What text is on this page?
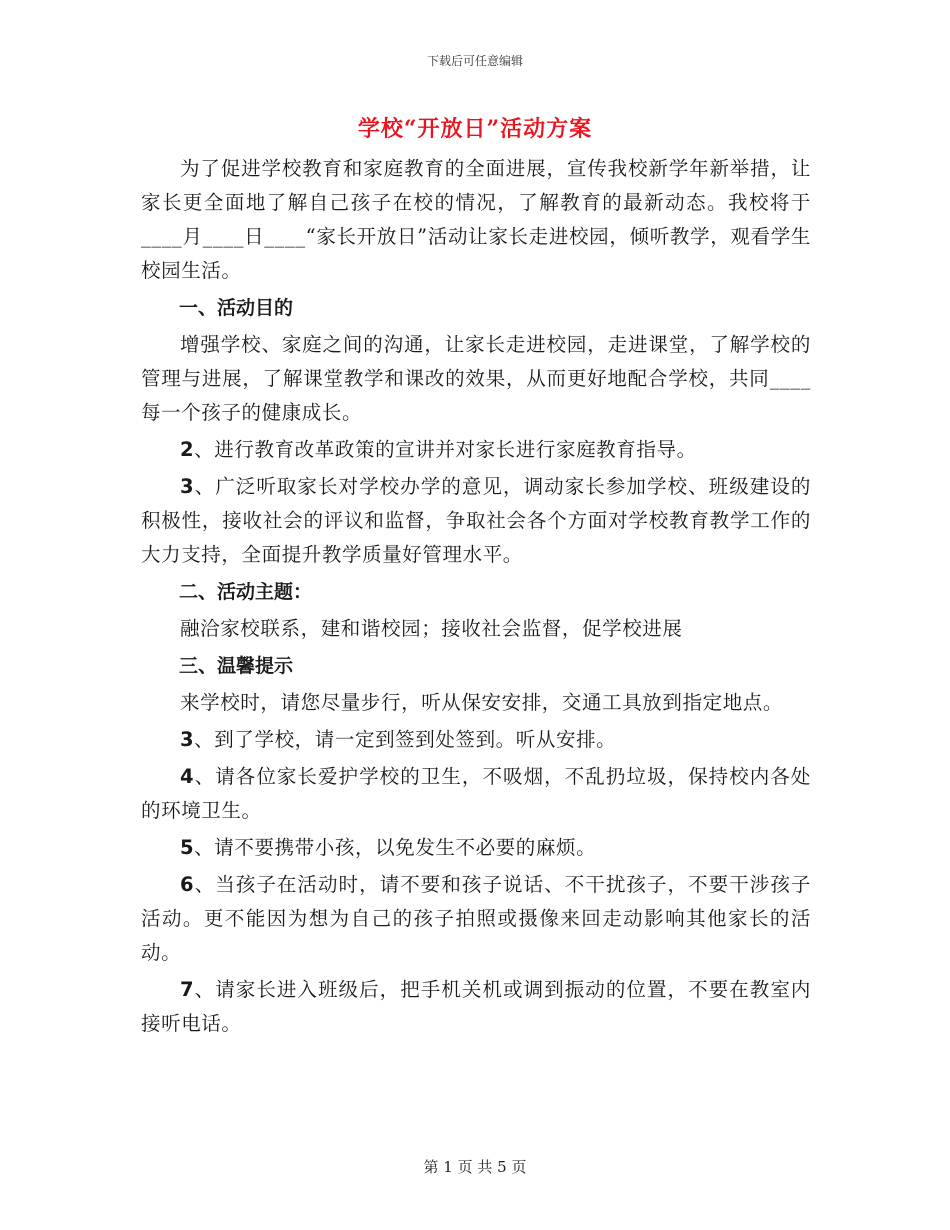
下载后可任意编辑
学校“开放日”活动方案

为了促进学校教育和家庭教育的全面进展，宣传我校新学年新举措，让家长更全面地了解自己孩子在校的情况，了解教育的最新动态。我校将于____月____日____“家长开放日”活动让家长走进校园，倾听教学，观看学生校园生活。

一、活动目的

增强学校、家庭之间的沟通，让家长走进校园，走进课堂，了解学校的管理与进展，了解课堂教学和课改的效果，从而更好地配合学校，共同____每一个孩子的健康成长。

2、进行教育改革政策的宣讲并对家长进行家庭教育指导。

3、广泛听取家长对学校办学的意见，调动家长参加学校、班级建设的积极性，接收社会的评议和监督，争取社会各个方面对学校教育教学工作的大力支持，全面提升教学质量好管理水平。

二、活动主题：

融洽家校联系，建和谐校园；接收社会监督，促学校进展

三、温馨提示

来学校时，请您尽量步行，听从保安安排，交通工具放到指定地点。

3、到了学校，请一定到签到处签到。听从安排。

4、请各位家长爱护学校的卫生，不吸烟，不乱扔垃圾，保持校内各处的环境卫生。

5、请不要携带小孩，以免发生不必要的麻烦。

6、当孩子在活动时，请不要和孩子说话、不干扰孩子，不要干涉孩子活动。更不能因为想为自己的孩子拍照或摄像来回走动影响其他家长的活动。

7、请家长进入班级后，把手机关机或调到振动的位置，不要在教室内接听电话。

第 1 页 共 5 页
